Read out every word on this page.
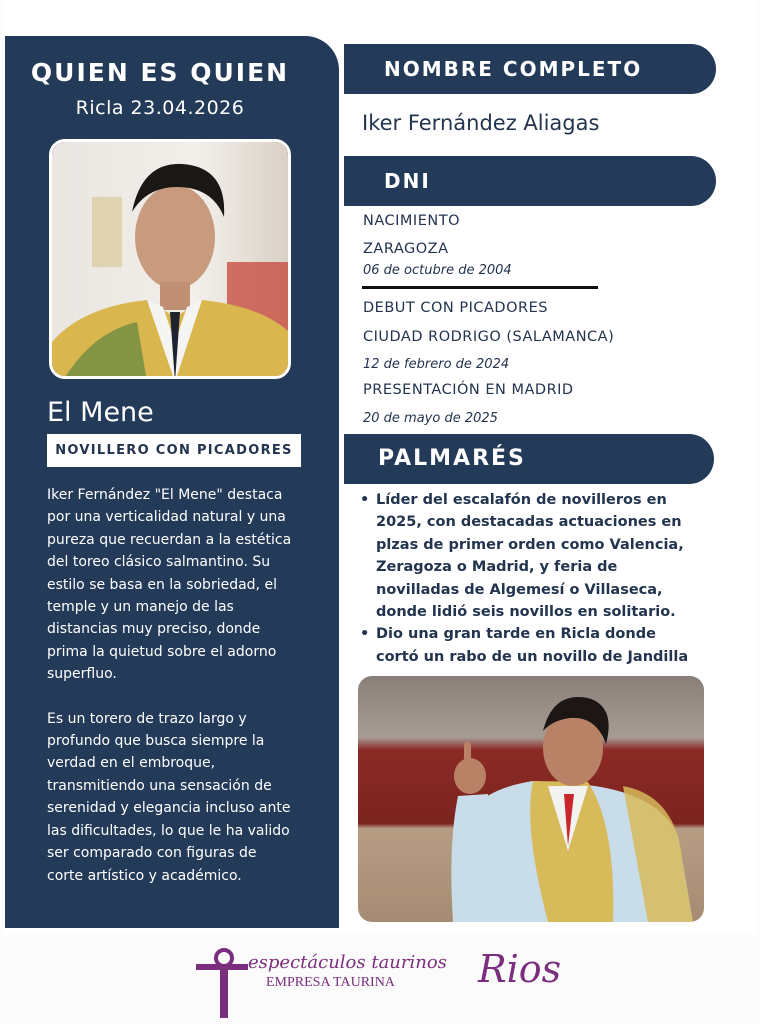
QUIEN ES QUIEN
Ricla 23.04.2026
El Mene
NOVILLERO CON PICADORES

Iker Fernández "El Mene" destaca por una verticalidad natural y una pureza que recuerdan a la estética del toreo clásico salmantino. Su estilo se basa en la sobriedad, el temple y un manejo de las distancias muy preciso, donde prima la quietud sobre el adorno superfluo.

Es un torero de trazo largo y profundo que busca siempre la verdad en el embroque, transmitiendo una sensación de serenidad y elegancia incluso ante las dificultades, lo que le ha valido ser comparado con figuras de corte artístico y académico.

NOMBRE COMPLETO
Iker Fernández Aliagas
DNI
NACIMIENTO
ZARAGOZA
06 de octubre de 2004
DEBUT CON PICADORES
CIUDAD RODRIGO (SALAMANCA)
12 de febrero de 2024
PRESENTACIÓN EN MADRID
20 de mayo de 2025
PALMARÉS
• Líder del escalafón de novilleros en 2025, con destacadas actuaciones en plzas de primer orden como Valencia, Zeragoza o Madrid, y feria de novilladas de Algemesí o Villaseca, donde lidió seis novillos en solitario.
• Dio una gran tarde en Ricla donde cortó un rabo de un novillo de Jandilla
espectáculos taurinos
EMPRESA TAURINA Rios
